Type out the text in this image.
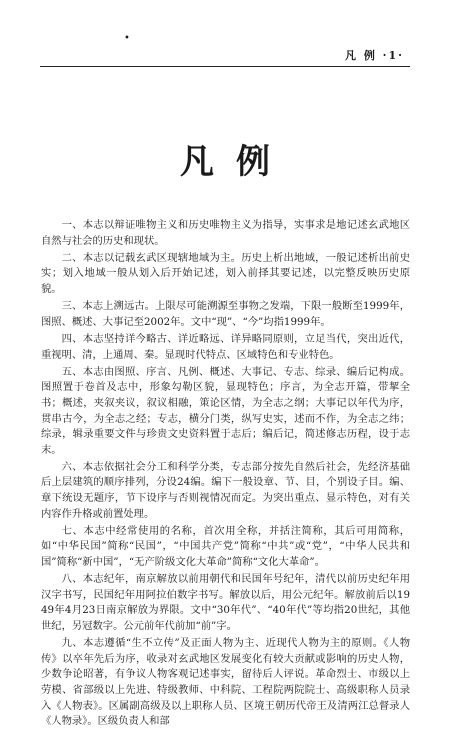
•
凡 例 ·1·
凡例

一、本志以辩证唯物主义和历史唯物主义为指导，实事求是地记述玄武地区自然与社会的历史和现状。

二、本志以记载玄武区现辖地域为主。历史上析出地域，一般记述析出前史实；划入地域一般从划入后开始记述，划入前择其要记述，以完整反映历史原貌。

三、本志上溯远古。上限尽可能溯源至事物之发端，下限一般断至1999年，图照、概述、大事记至2002年。文中“现”、“今”均指1999年。

四、本志坚持详今略古、详近略远、详异略同原则，立足当代，突出近代，重视明、清，上通周、秦。显现时代特点、区域特色和专业特色。

五、本志由图照、序言、凡例、概述、大事记、专志、综录、编后记构成。图照置于卷首及志中，形象勾勒区貌，显现特色；序言，为全志开篇，带挈全书；概述，夹叙夹议，叙议相融，策论区情，为全志之纲；大事记以年代为序，贯串古今，为全志之经；专志，横分门类，纵写史实，述而不作，为全志之纬；综录，辑录重要文件与珍贵文史资料置于志后；编后记，简述修志历程，设于志末。

六、本志依据社会分工和科学分类，专志部分按先自然后社会，先经济基础后上层建筑的顺序排列，分设24编。编下一般设章、节、目，个别设子目。编、章下统设无题序，节下设序与否则视情况而定。为突出重点、显示特色，对有关内容作升格或前置处理。

七、本志中经常使用的名称，首次用全称，并括注简称，其后可用简称，如“中华民国”简称“民国”，“中国共产党”简称“中共”或“党”，“中华人民共和国”简称“新中国”，“无产阶级文化大革命”简称“文化大革命”。

八、本志纪年，南京解放以前用朝代和民国年号纪年，清代以前历史纪年用汉字书写，民国纪年用阿拉伯数字书写。解放以后，用公元纪年。解放前后以1949年4月23日南京解放为界限。文中“30年代”、“40年代”等均指20世纪，其他世纪，另冠数字。公元前年代前加“前”字。

九、本志遵循“生不立传”及正面人物为主、近现代人物为主的原则。《人物传》以卒年先后为序，收录对玄武地区发展变化有较大贡献或影响的历史人物，少数争论昭著，有争议人物客观记述事实，留待后人评说。革命烈士、市级以上劳模、省部级以上先进、特级教师、中科院、工程院两院院士、高级职称人员录入《人物表》。区属副高级及以上职称人员、区境王朝历代帝王及清两江总督录人《人物录》。区级负责人和部
